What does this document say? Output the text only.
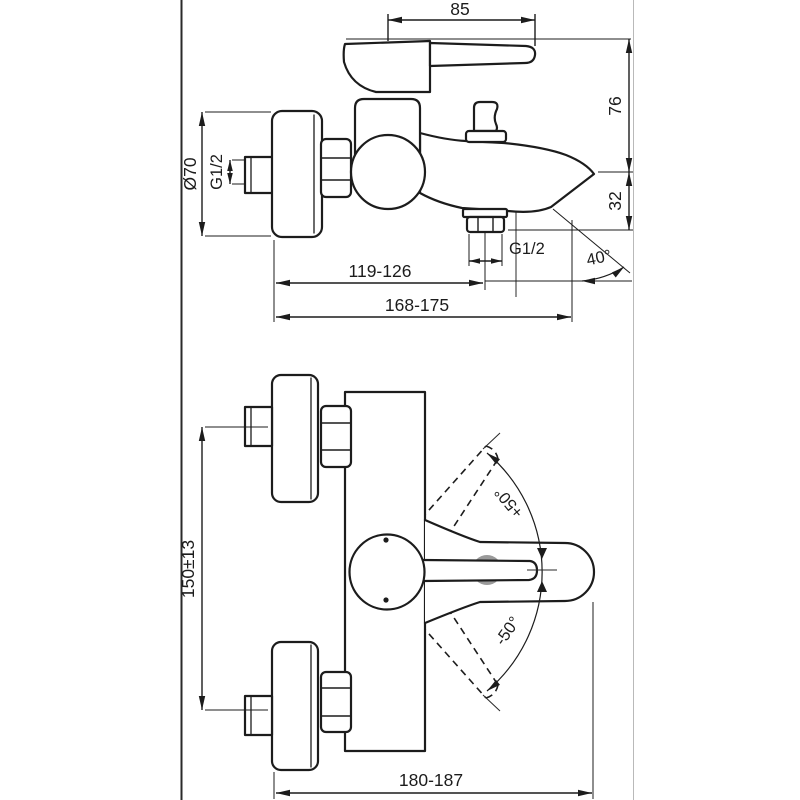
85
76
32
Ø70 G1/2
119-126
168-175
G1/2 40°
150±13
180-187
+50°
-50°
